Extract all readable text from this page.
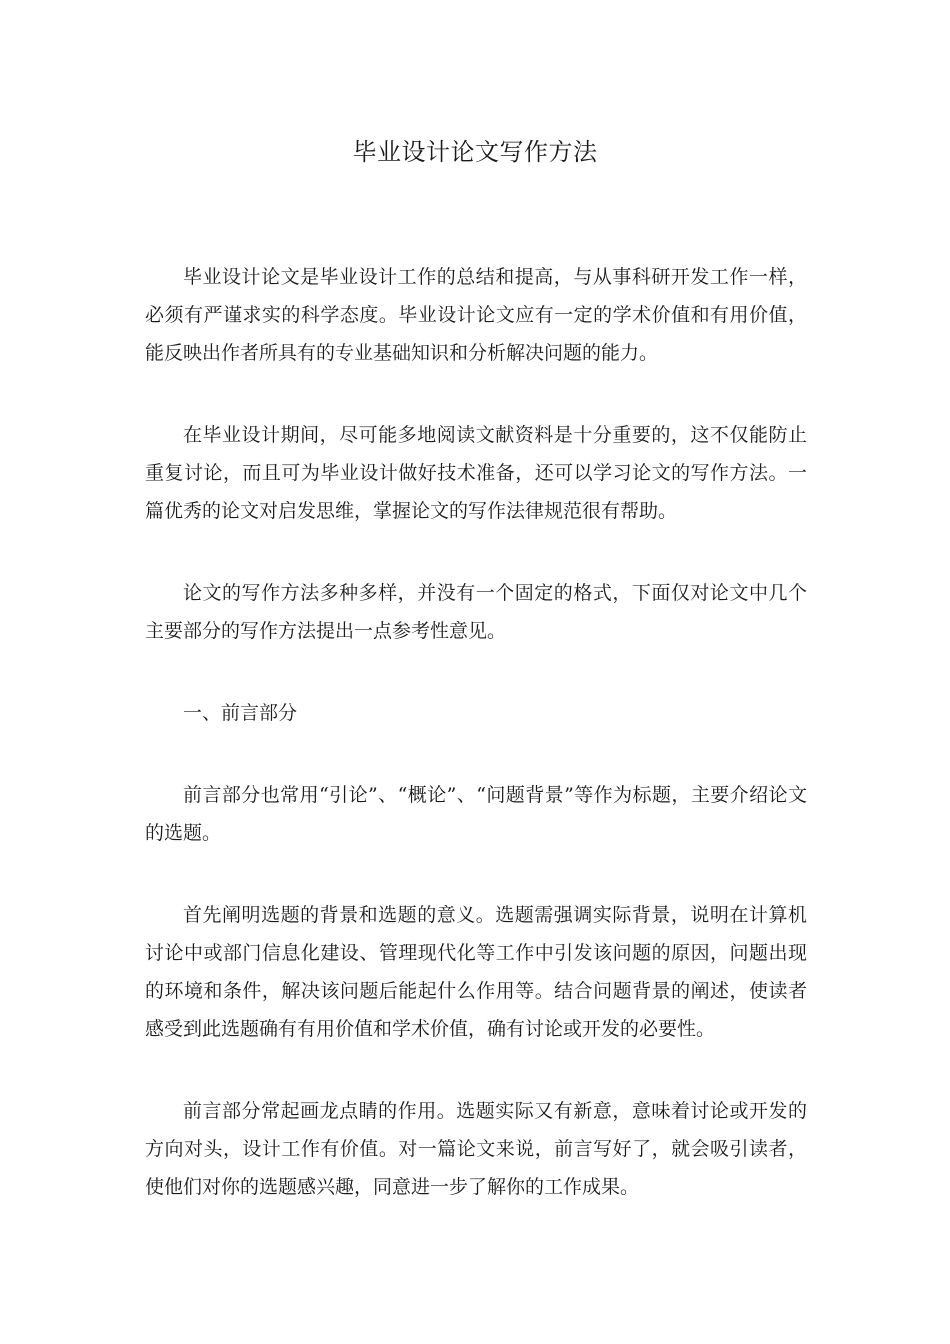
毕业设计论文写作方法

毕业设计论文是毕业设计工作的总结和提高，与从事科研开发工作一样，必须有严谨求实的科学态度。毕业设计论文应有一定的学术价值和有用价值，能反映出作者所具有的专业基础知识和分析解决问题的能力。

在毕业设计期间，尽可能多地阅读文献资料是十分重要的，这不仅能防止重复讨论，而且可为毕业设计做好技术准备，还可以学习论文的写作方法。一篇优秀的论文对启发思维，掌握论文的写作法律规范很有帮助。

论文的写作方法多种多样，并没有一个固定的格式，下面仅对论文中几个主要部分的写作方法提出一点参考性意见。

一、前言部分

前言部分也常用“引论”、“概论”、“问题背景”等作为标题，主要介绍论文的选题。

首先阐明选题的背景和选题的意义。选题需强调实际背景，说明在计算机讨论中或部门信息化建设、管理现代化等工作中引发该问题的原因，问题出现的环境和条件，解决该问题后能起什么作用等。结合问题背景的阐述，使读者感受到此选题确有有用价值和学术价值，确有讨论或开发的必要性。

前言部分常起画龙点睛的作用。选题实际又有新意，意味着讨论或开发的方向对头，设计工作有价值。对一篇论文来说，前言写好了，就会吸引读者，使他们对你的选题感兴趣，同意进一步了解你的工作成果。
